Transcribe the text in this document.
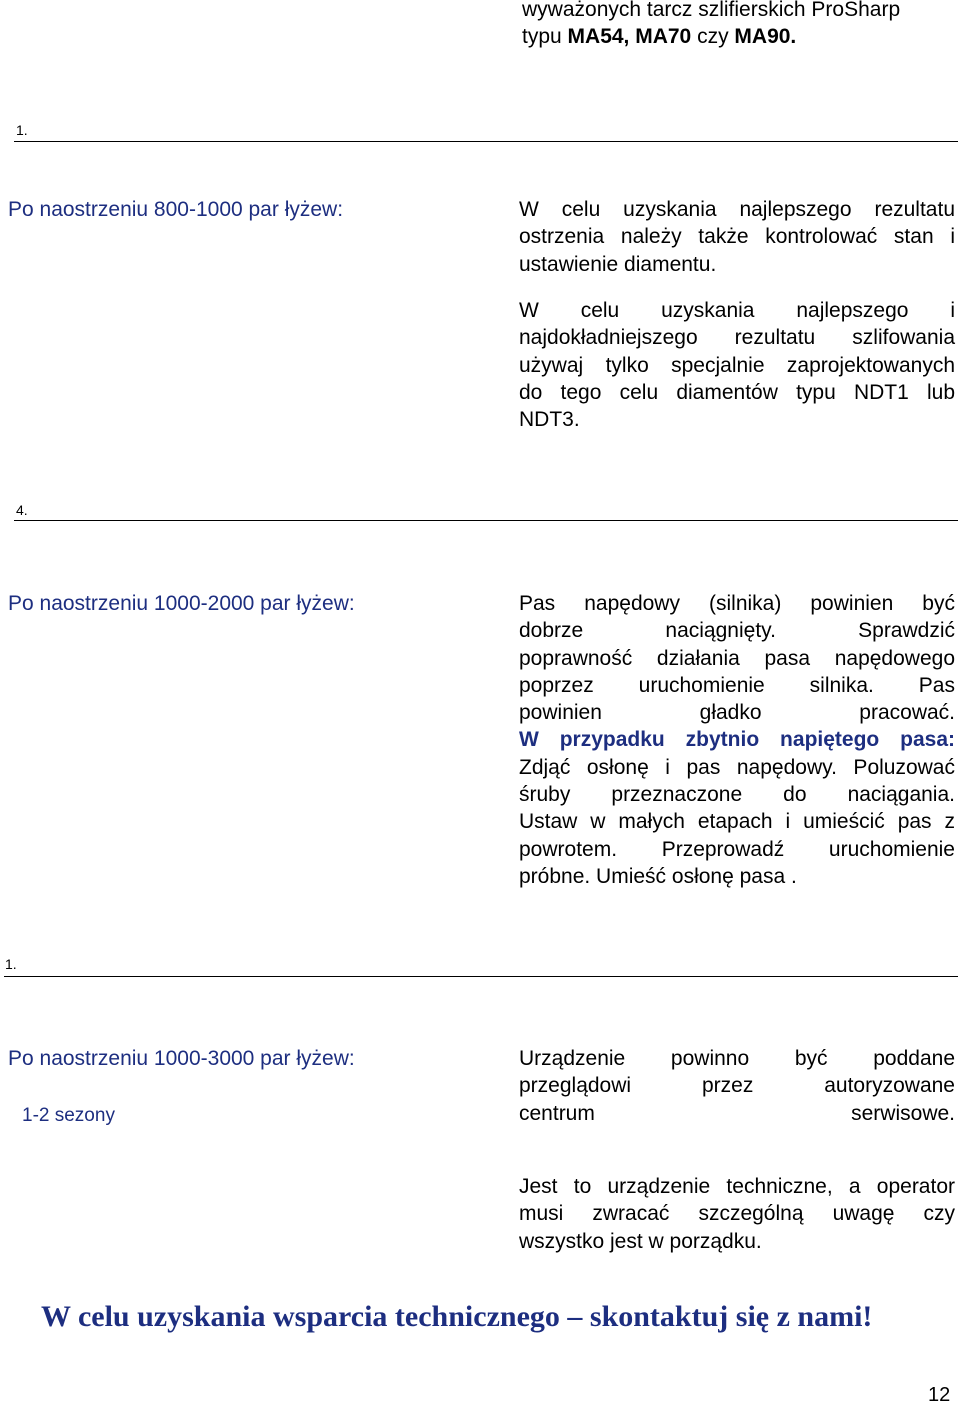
wyważonych tarcz szlifierskich ProSharp

typu MA54, MA70 czy MA90.

1.
Po naostrzeniu 800-1000 par łyżew:	W celu uzyskania najlepszego rezultatu

ostrzenia należy także kontrolować stan i

ustawienie diamentu.

W celu uzyskania najlepszego i

najdokładniejszego rezultatu szlifowania

używaj tylko specjalnie zaprojektowanych

do tego celu diamentów typu NDT1 lub

NDT3.

4.
Po naostrzeniu 1000-2000 par łyżew:	Pas napędowy (silnika) powinien być

dobrze naciągnięty. Sprawdzić

poprawność działania pasa napędowego

poprzez uruchomienie silnika. Pas

powinien gładko pracować.

W przypadku zbytnio napiętego pasa:

Zdjąć osłonę i pas napędowy. Poluzować

śruby przeznaczone do naciągania.

Ustaw w małych etapach i umieścić pas z

powrotem. Przeprowadź uruchomienie

próbne. Umieść osłonę pasa .

1.
Po naostrzeniu 1000-3000 par łyżew:
1-2 sezony

Urządzenie powinno być poddane

przeglądowi przez autoryzowane

centrum serwisowe.

Jest to urządzenie techniczne, a operator

musi zwracać szczególną uwagę czy

wszystko jest w porządku.

W celu uzyskania wsparcia technicznego – skontaktuj się z nami!
12
